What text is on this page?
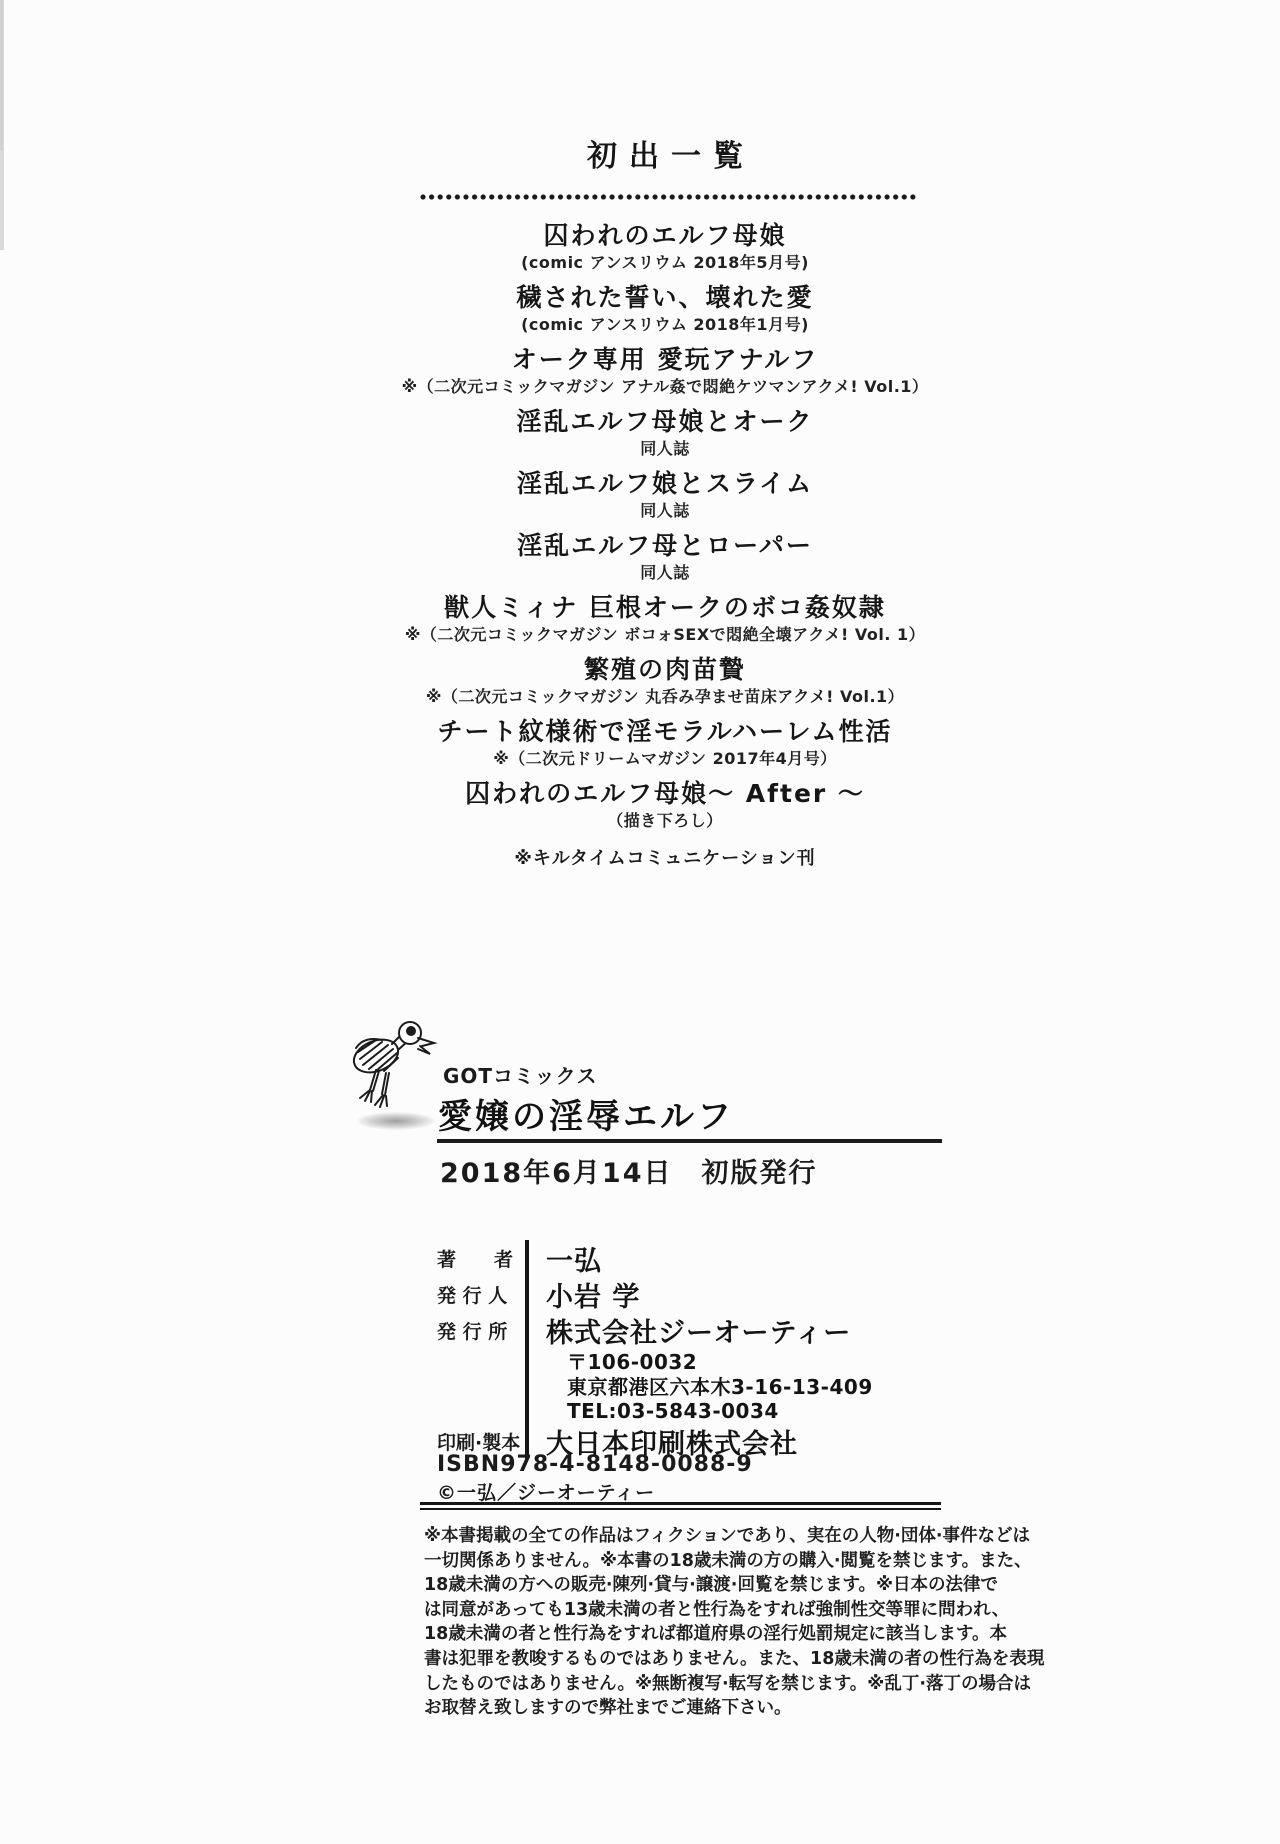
初出一覧
囚われのエルフ母娘
(comic アンスリウム 2018年5月号)
穢された誓い、壊れた愛
(comic アンスリウム 2018年1月号)
オーク専用 愛玩アナルフ
※（二次元コミックマガジン アナル姦で悶絶ケツマンアクメ! Vol.1）
淫乱エルフ母娘とオーク
同人誌
淫乱エルフ娘とスライム
同人誌
淫乱エルフ母とローパー
同人誌
獣人ミィナ 巨根オークのボコ姦奴隷
※（二次元コミックマガジン ボコォSEXで悶絶全壊アクメ! Vol. 1）
繁殖の肉苗贄
※（二次元コミックマガジン 丸呑み孕ませ苗床アクメ! Vol.1）
チート紋様術で淫モラルハーレム性活
※（二次元ドリームマガジン 2017年4月号）
囚われのエルフ母娘〜 After 〜
（描き下ろし）
※キルタイムコミュニケーション刊
GOTコミックス
愛嬢の淫辱エルフ
2018年6月14日　初版発行
著　　者	一弘
発 行 人	小岩 学
発 行 所	株式会社ジーオーティー
〒106-0032
東京都港区六本木3-16-13-409
TEL:03-5843-0034
印刷·製本 大日本印刷株式会社
ISBN978-4-8148-0088-9
©一弘／ジーオーティー
※本書掲載の全ての作品はフィクションであり、実在の人物·団体·事件などは
一切関係ありません。※本書の18歳未満の方の購入·閲覧を禁じます。また、
18歳未満の方への販売·陳列·貸与·譲渡·回覧を禁じます。※日本の法律で
は同意があっても13歳未満の者と性行為をすれば強制性交等罪に問われ、
18歳未満の者と性行為をすれば都道府県の淫行処罰規定に該当します。本
書は犯罪を教唆するものではありません。また、18歳未満の者の性行為を表現
したものではありません。※無断複写·転写を禁じます。※乱丁·落丁の場合は
お取替え致しますので弊社までご連絡下さい。
